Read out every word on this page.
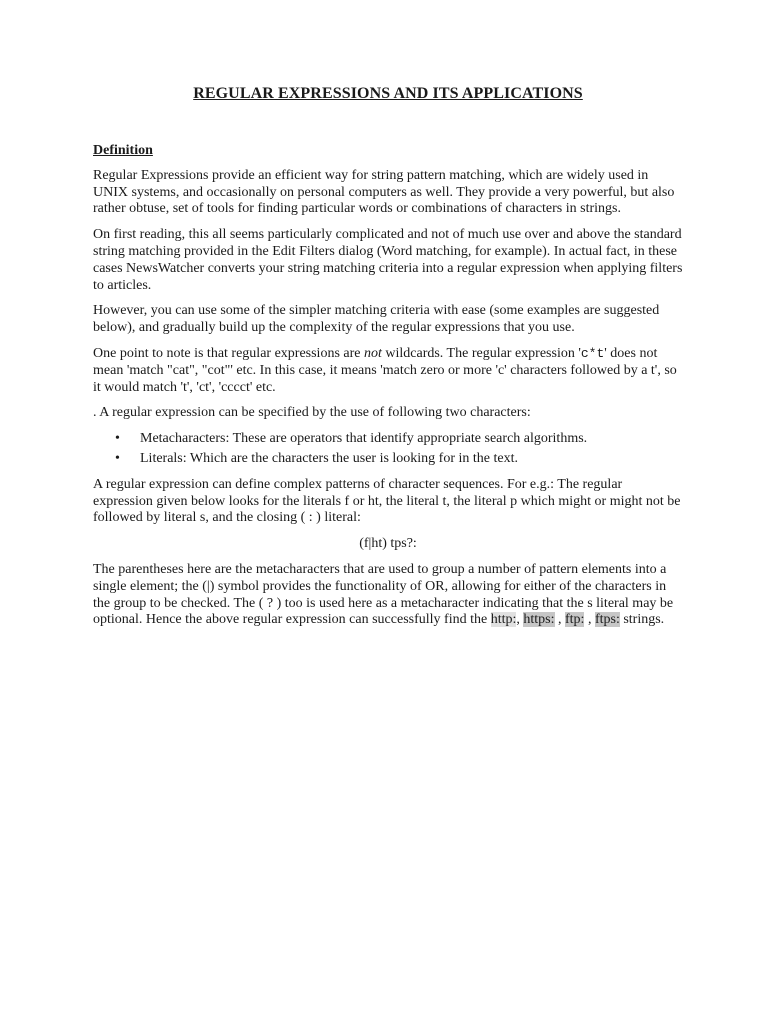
REGULAR EXPRESSIONS AND ITS APPLICATIONS
Definition

Regular Expressions provide an efficient way for string pattern matching, which are widely used in UNIX systems, and occasionally on personal computers as well. They provide a very powerful, but also rather obtuse, set of tools for finding particular words or combinations of characters in strings.

On first reading, this all seems particularly complicated and not of much use over and above the standard string matching provided in the Edit Filters dialog (Word matching, for example). In actual fact, in these cases NewsWatcher converts your string matching criteria into a regular expression when applying filters to articles.

However, you can use some of the simpler matching criteria with ease (some examples are suggested below), and gradually build up the complexity of the regular expressions that you use.

One point to note is that regular expressions are not wildcards. The regular expression 'c*t' does not mean 'match "cat", "cot"' etc. In this case, it means 'match zero or more 'c' characters followed by a t', so it would match 't', 'ct', 'cccct' etc.

. A regular expression can be specified by the use of following two characters:

• Metacharacters: These are operators that identify appropriate search algorithms.
• Literals: Which are the characters the user is looking for in the text.

A regular expression can define complex patterns of character sequences. For e.g.: The regular expression given below looks for the literals f or ht, the literal t, the literal p which might or might not be followed by literal s, and the closing ( : ) literal:

(f|ht) tps?:

The parentheses here are the metacharacters that are used to group a number of pattern elements into a single element; the (|) symbol provides the functionality of OR, allowing for either of the characters in the group to be checked. The ( ? ) too is used here as a metacharacter indicating that the s literal may be optional. Hence the above regular expression can successfully find the http:, https: , ftp: , ftps: strings.
